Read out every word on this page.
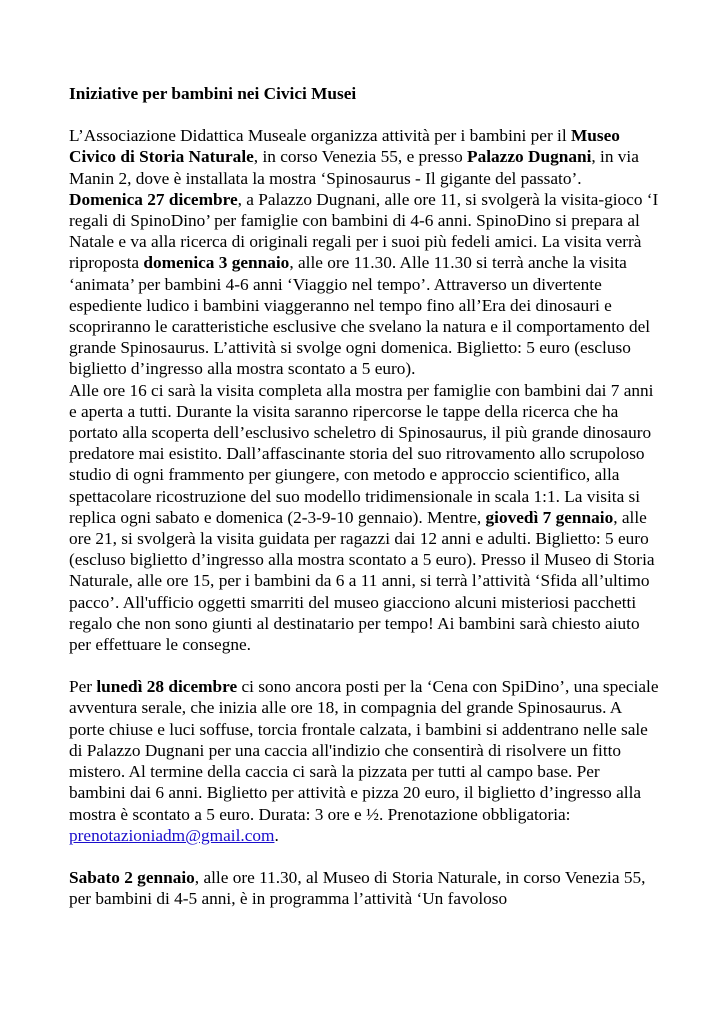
Iniziative per bambini nei Civici Musei

L’Associazione Didattica Museale organizza attività per i bambini per il Museo Civico di Storia Naturale, in corso Venezia 55, e presso Palazzo Dugnani, in via Manin 2, dove è installata la mostra ‘Spinosaurus - Il gigante del passato’.

Domenica 27 dicembre, a Palazzo Dugnani, alle ore 11, si svolgerà la visita-gioco ‘I regali di SpinoDino’ per famiglie con bambini di 4-6 anni. SpinoDino si prepara al Natale e va alla ricerca di originali regali per i suoi più fedeli amici. La visita verrà riproposta domenica 3 gennaio, alle ore 11.30. Alle 11.30 si terrà anche la visita ‘animata’ per bambini 4-6 anni ‘Viaggio nel tempo’. Attraverso un divertente espediente ludico i bambini viaggeranno nel tempo fino all’Era dei dinosauri e scopriranno le caratteristiche esclusive che svelano la natura e il comportamento del grande Spinosaurus. L’attività si svolge ogni domenica. Biglietto: 5 euro (escluso biglietto d’ingresso alla mostra scontato a 5 euro).

Alle ore 16 ci sarà la visita completa alla mostra per famiglie con bambini dai 7 anni e aperta a tutti. Durante la visita saranno ripercorse le tappe della ricerca che ha portato alla scoperta dell’esclusivo scheletro di Spinosaurus, il più grande dinosauro predatore mai esistito. Dall’affascinante storia del suo ritrovamento allo scrupoloso studio di ogni frammento per giungere, con metodo e approccio scientifico, alla spettacolare ricostruzione del suo modello tridimensionale in scala 1:1. La visita si replica ogni sabato e domenica (2-3-9-10 gennaio). Mentre, giovedì 7 gennaio, alle ore 21, si svolgerà la visita guidata per ragazzi dai 12 anni e adulti. Biglietto: 5 euro (escluso biglietto d’ingresso alla mostra scontato a 5 euro). Presso il Museo di Storia Naturale, alle ore 15, per i bambini da 6 a 11 anni, si terrà l’attività ‘Sfida all’ultimo pacco’. All'ufficio oggetti smarriti del museo giacciono alcuni misteriosi pacchetti regalo che non sono giunti al destinatario per tempo! Ai bambini sarà chiesto aiuto per effettuare le consegne.

Per lunedì 28 dicembre ci sono ancora posti per la ‘Cena con SpiDino’, una speciale avventura serale, che inizia alle ore 18, in compagnia del grande Spinosaurus. A porte chiuse e luci soffuse, torcia frontale calzata, i bambini si addentrano nelle sale di Palazzo Dugnani per una caccia all'indizio che consentirà di risolvere un fitto mistero. Al termine della caccia ci sarà la pizzata per tutti al campo base. Per bambini dai 6 anni. Biglietto per attività e pizza 20 euro, il biglietto d’ingresso alla mostra è scontato a 5 euro. Durata: 3 ore e ½. Prenotazione obbligatoria: prenotazioniadm@gmail.com.

Sabato 2 gennaio, alle ore 11.30, al Museo di Storia Naturale, in corso Venezia 55, per bambini di 4-5 anni, è in programma l’attività ‘Un favoloso
